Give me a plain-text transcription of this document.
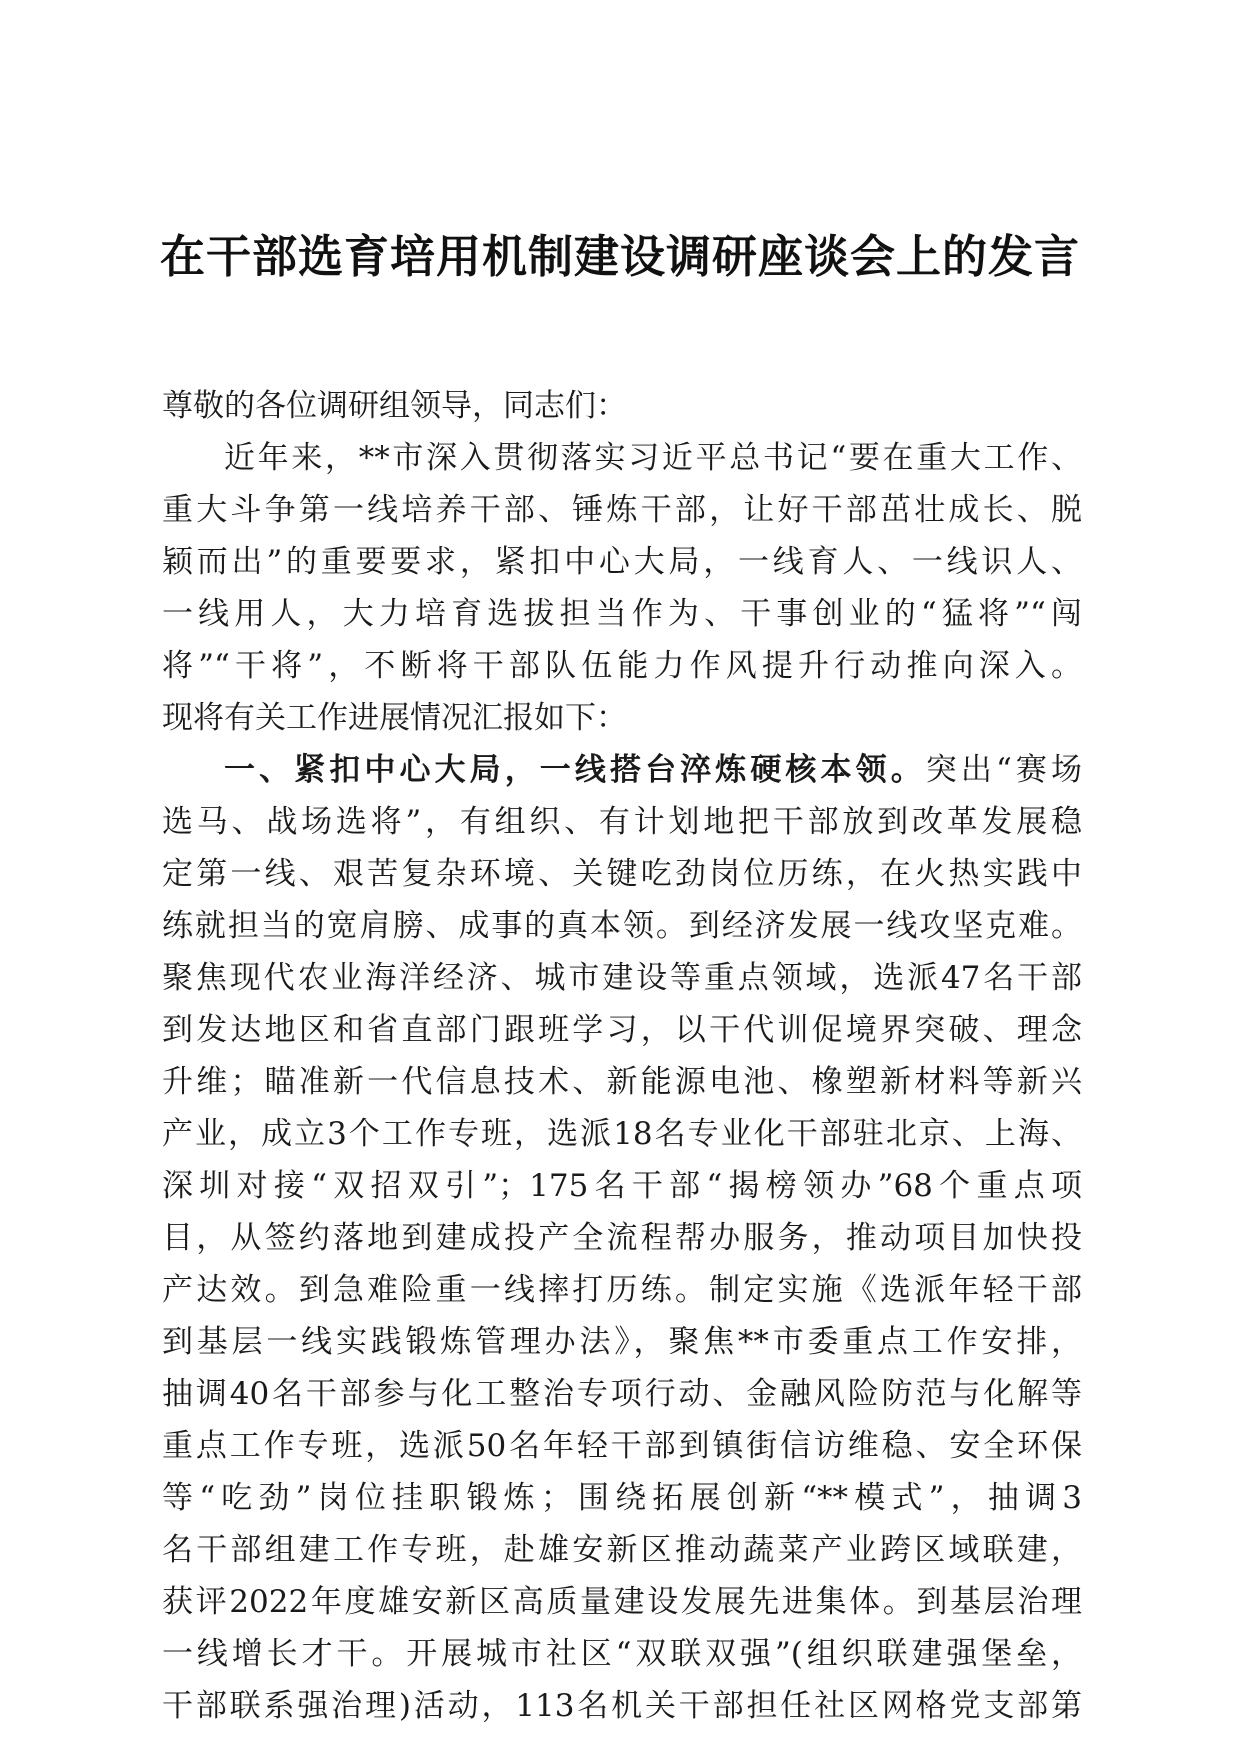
在干部选育培用机制建设调研座谈会上的发言
尊敬的各位调研组领导，同志们：
近年来，**市深入贯彻落实习近平总书记“要在重大工作、
重大斗争第一线培养干部、锤炼干部，让好干部茁壮成长、脱
颖而出”的重要要求，紧扣中心大局，一线育人、一线识人、
一线用人，大力培育选拔担当作为、干事创业的“猛将”“闯
将”“干将”，不断将干部队伍能力作风提升行动推向深入。
现将有关工作进展情况汇报如下：
一、紧扣中心大局，一线搭台淬炼硬核本领。突出“赛场
选马、战场选将”，有组织、有计划地把干部放到改革发展稳
定第一线、艰苦复杂环境、关键吃劲岗位历练，在火热实践中
练就担当的宽肩膀、成事的真本领。到经济发展一线攻坚克难。
聚焦现代农业海洋经济、城市建设等重点领域，选派47名干部
到发达地区和省直部门跟班学习，以干代训促境界突破、理念
升维；瞄准新一代信息技术、新能源电池、橡塑新材料等新兴
产业，成立3个工作专班，选派18名专业化干部驻北京、上海、
深圳对接“双招双引”；175名干部“揭榜领办”68个重点项
目，从签约落地到建成投产全流程帮办服务，推动项目加快投
产达效。到急难险重一线摔打历练。制定实施《选派年轻干部
到基层一线实践锻炼管理办法》，聚焦**市委重点工作安排，
抽调40名干部参与化工整治专项行动、金融风险防范与化解等
重点工作专班，选派50名年轻干部到镇街信访维稳、安全环保
等“吃劲”岗位挂职锻炼；围绕拓展创新“**模式”，抽调3
名干部组建工作专班，赴雄安新区推动蔬菜产业跨区域联建，
获评2022年度雄安新区高质量建设发展先进集体。到基层治理
一线增长才干。开展城市社区“双联双强”(组织联建强堡垒，
干部联系强治理)活动，113名机关干部担任社区网格党支部第
